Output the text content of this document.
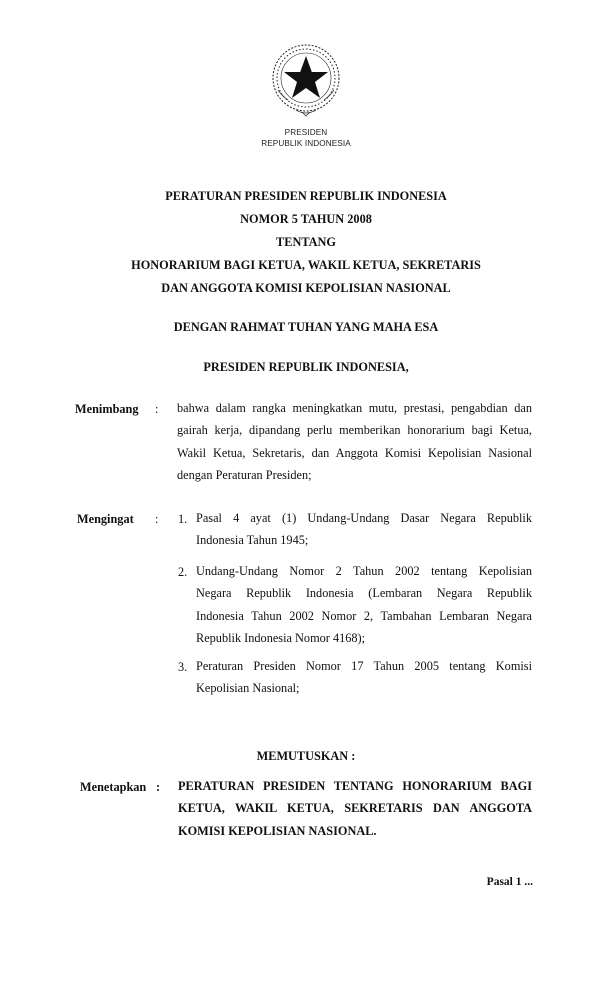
PRESIDEN
REPUBLIK INDONESIA
PERATURAN PRESIDEN REPUBLIK INDONESIA
NOMOR 5 TAHUN 2008
TENTANG
HONORARIUM BAGI KETUA, WAKIL KETUA, SEKRETARIS
DAN ANGGOTA KOMISI KEPOLISIAN NASIONAL
DENGAN RAHMAT TUHAN YANG MAHA ESA
PRESIDEN REPUBLIK INDONESIA,
Menimbang : bahwa dalam rangka meningkatkan mutu, prestasi, pengabdian dan
gairah kerja, dipandang perlu memberikan honorarium bagi Ketua,
Wakil Ketua, Sekretaris, dan Anggota Komisi Kepolisian Nasional
dengan Peraturan Presiden;
Mengingat : 1. Pasal 4 ayat (1) Undang-Undang Dasar Negara Republik
Indonesia Tahun 1945;
2. Undang-Undang Nomor 2 Tahun 2002 tentang Kepolisian
Negara Republik Indonesia (Lembaran Negara Republik
Indonesia Tahun 2002 Nomor 2, Tambahan Lembaran Negara
Republik Indonesia Nomor 4168);
3. Peraturan Presiden Nomor 17 Tahun 2005 tentang Komisi
Kepolisian Nasional;
MEMUTUSKAN :
Menetapkan : PERATURAN PRESIDEN TENTANG HONORARIUM BAGI
KETUA, WAKIL KETUA, SEKRETARIS DAN ANGGOTA
KOMISI KEPOLISIAN NASIONAL.
Pasal 1 ...
